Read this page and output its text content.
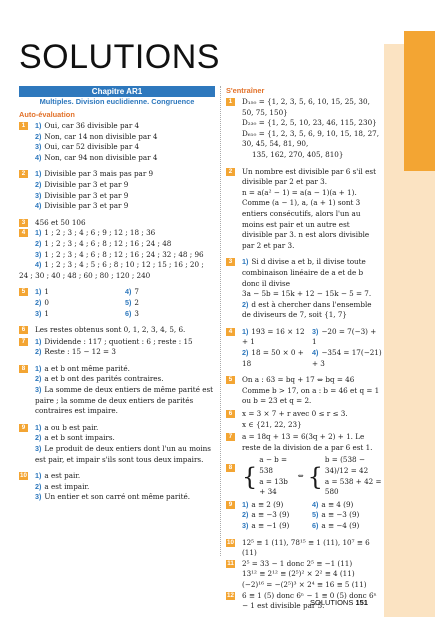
SOLUTIONS
Chapitre AR1
Multiples. Division euclidienne. Congruence
Auto-évaluation
1	1) Oui, car 36 divisible par 4
2) Non, car 14 non divisible par 4
3) Oui, car 52 divisible par 4
4) Non, car 94 non divisible par 4
2	1) Divisible par 3 mais pas par 9
2) Divisible par 3 et par 9
3) Divisible par 3 et par 9
4) Divisible par 3 et par 9
3	456 et 50 106
4	1) 1 ; 2 ; 3 ; 4 ; 6 ; 9 ; 12 ; 18 ; 36
2) 1 ; 2 ; 3 ; 4 ; 6 ; 8 ; 12 ; 16 ; 24 ; 48
3) 1 ; 2 ; 3 ; 4 ; 6 ; 8 ; 12 ; 16 ; 24 ; 32 ; 48 ; 96
4) 1 ; 2 ; 3 ; 4 ; 5 ; 6 ; 8 ; 10 ; 12 ; 15 ; 16 ; 20 ; 24 ; 30 ; 40 ; 48 ; 60 ; 80 ; 120 ; 240
5	1) 1
2) 0
3) 1
4) 7
5) 2
6) 3
6	Les restes obtenus sont 0, 1, 2, 3, 4, 5, 6.
7	1) Dividende : 117 ; quotient : 6 ; reste : 15
2) Reste : 15 − 12 = 3
8	1) a et b ont même parité.
2) a et b ont des parités contraires.
3) La somme de deux entiers de même parité est paire ; la somme de deux entiers de parités contraires est impaire.
9	1) a ou b est pair.
2) a et b sont impairs.
3) Le produit de deux entiers dont l'un au moins est pair, et impair s'ils sont tous deux impairs.
10 1) a est pair.
2) a est impair.
3) Un entier et son carré ont même parité.
S'entraîner
1	D₁₅₀ = {1, 2, 3, 5, 6, 10, 15, 25, 30, 50, 75, 150}
D₂₃₀ = {1, 2, 5, 10, 23, 46, 115, 230}
D₆₁₀ = {1, 2, 3, 5, 6, 9, 10, 15, 18, 27, 30, 45, 54, 81, 90,
135, 162, 270, 405, 810}
2	Un nombre est divisible par 6 s'il est divisible par 2 et par 3.
n = a(a² − 1) = a(a − 1)(a + 1).
Comme (a − 1), a, (a + 1) sont 3 entiers consécutifs, alors l'un au moins est pair et un autre est divisible par 3. n est alors divisible par 2 et par 3.
3	1) Si d divise a et b, il divise toute combinaison linéaire de a et de b donc il divise
3a − 5b = 15k + 12 − 15k − 5 = 7.
2) d est à chercher dans l'ensemble de diviseurs de 7, soit {1, 7}
4	1) 193 = 16 × 12 + 1
2) 18 = 50 × 0 + 18
3) −20 = 7(−3) + 1
4) −354 = 17(−21) + 3
5	On a : 63 = bq + 17 ⇔ bq = 46
Comme b > 17, on a : b = 46 et q = 1 ou b = 23 et q = 2.
6	x = 3 × 7 + r avec 0 ≤ r ≤ 3.
x ∈ {21, 22, 23}
7	a = 18q + 13 = 6(3q + 2) + 1. Le reste de la division de a par 6 est 1.
8 {
a − b = 538
a = 13b + 34
⇔ {
b = (538 − 34)/12 = 42
a = 538 + 42 = 580
9	1) a ≡ 2 (9)
2) a ≡ −3 (9)
3) a ≡ −1 (9)
4) a ≡ 4 (9)
5) a ≡ −3 (9)
6) a ≡ −4 (9)
10 12⁵ ≡ 1 (11), 78¹⁵ ≡ 1 (11), 10⁷ ≡ 6 (11)
11 2⁵ = 33 − 1 donc 2⁵ ≡ −1 (11)
13¹² ≡ 2¹² ≡ (2⁵)² × 2² ≡ 4 (11)
(−2)¹⁶ = −(2⁵)³ × 2⁴ ≡ 16 ≡ 5 (11)
12 6 ≡ 1 (5) donc 6ⁿ − 1 ≡ 0 (5) donc 6ⁿ − 1 est divisible par 5.
SOLUTIONS 151
